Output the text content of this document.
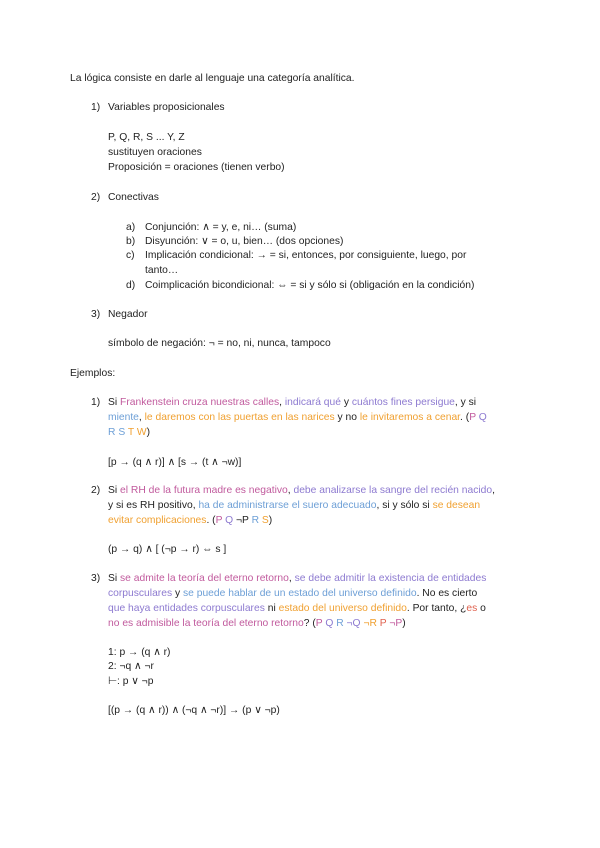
La lógica consiste en darle al lenguaje una categoría analítica.
1) Variables proposicionales
P, Q, R, S ... Y, Z
sustituyen oraciones
Proposición = oraciones (tienen verbo)
2) Conectivas
a) Conjunción: ∧ = y, e, ni… (suma)
b) Disyunción: ∨ = o, u, bien… (dos opciones)
c) Implicación condicional: → = si, entonces, por consiguiente, luego, por
tanto…
d) Coimplicación bicondicional: ⇔ = si y sólo si (obligación en la condición)
3) Negador
símbolo de negación: ¬ = no, ni, nunca, tampoco
Ejemplos:
1) Si Frankenstein cruza nuestras calles, indicará qué y cuántos fines persigue, y si
miente, le daremos con las puertas en las narices y no le invitaremos a cenar. (P Q
R S T W)
[p → (q ∧ r)] ∧ [s → (t ∧ ¬w)]
2) Si el RH de la futura madre es negativo, debe analizarse la sangre del recién nacido,
y si es RH positivo, ha de administrarse el suero adecuado, si y sólo si se desean
evitar complicaciones. (P Q ¬P R S)
(p → q) ∧ [ (¬p → r) ⇔ s ]
3) Si se admite la teoría del eterno retorno, se debe admitir la existencia de entidades
corpusculares y se puede hablar de un estado del universo definido. No es cierto
que haya entidades corpusculares ni estado del universo definido. Por tanto, ¿es o
no es admisible la teoría del eterno retorno? (P Q R ¬Q ¬R P ¬P)
1: p → (q ∧ r)
2: ¬q ∧ ¬r
⊢: p ∨ ¬p
[(p → (q ∧ r)) ∧ (¬q ∧ ¬r)] → (p ∨ ¬p)
